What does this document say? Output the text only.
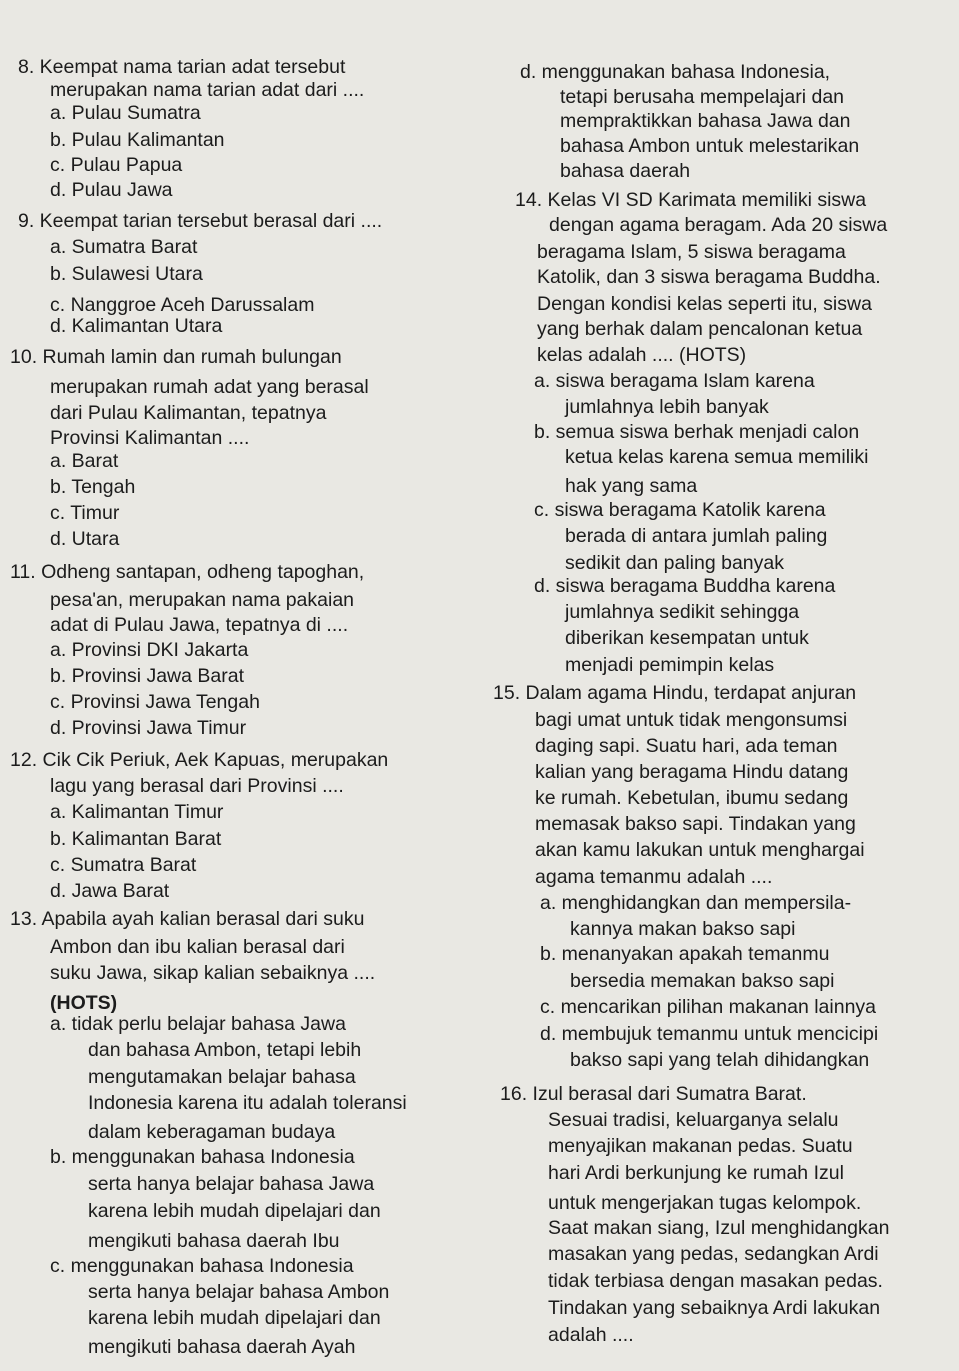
8. Keempat nama tarian adat tersebut
merupakan nama tarian adat dari ....
a. Pulau Sumatra
b. Pulau Kalimantan
c. Pulau Papua
d. Pulau Jawa
9. Keempat tarian tersebut berasal dari ....
a. Sumatra Barat
b. Sulawesi Utara
c. Nanggroe Aceh Darussalam
d. Kalimantan Utara
10. Rumah lamin dan rumah bulungan
merupakan rumah adat yang berasal
dari Pulau Kalimantan, tepatnya
Provinsi Kalimantan ....
a. Barat
b. Tengah
c. Timur
d. Utara
11. Odheng santapan, odheng tapoghan,
pesa'an, merupakan nama pakaian
adat di Pulau Jawa, tepatnya di ....
a. Provinsi DKI Jakarta
b. Provinsi Jawa Barat
c. Provinsi Jawa Tengah
d. Provinsi Jawa Timur
12. Cik Cik Periuk, Aek Kapuas, merupakan
lagu yang berasal dari Provinsi ....
a. Kalimantan Timur
b. Kalimantan Barat
c. Sumatra Barat
d. Jawa Barat
13. Apabila ayah kalian berasal dari suku
Ambon dan ibu kalian berasal dari
suku Jawa, sikap kalian sebaiknya ....
(HOTS)
a. tidak perlu belajar bahasa Jawa
dan bahasa Ambon, tetapi lebih
mengutamakan belajar bahasa
Indonesia karena itu adalah toleransi
dalam keberagaman budaya
b. menggunakan bahasa Indonesia
serta hanya belajar bahasa Jawa
karena lebih mudah dipelajari dan
mengikuti bahasa daerah Ibu
c. menggunakan bahasa Indonesia
serta hanya belajar bahasa Ambon
karena lebih mudah dipelajari dan
mengikuti bahasa daerah Ayah
d. menggunakan bahasa Indonesia,
tetapi berusaha mempelajari dan
mempraktikkan bahasa Jawa dan
bahasa Ambon untuk melestarikan
bahasa daerah
14. Kelas VI SD Karimata memiliki siswa
dengan agama beragam. Ada 20 siswa
beragama Islam, 5 siswa beragama
Katolik, dan 3 siswa beragama Buddha.
Dengan kondisi kelas seperti itu, siswa
yang berhak dalam pencalonan ketua
kelas adalah .... (HOTS)
a. siswa beragama Islam karena
jumlahnya lebih banyak
b. semua siswa berhak menjadi calon
ketua kelas karena semua memiliki
hak yang sama
c. siswa beragama Katolik karena
berada di antara jumlah paling
sedikit dan paling banyak
d. siswa beragama Buddha karena
jumlahnya sedikit sehingga
diberikan kesempatan untuk
menjadi pemimpin kelas
15. Dalam agama Hindu, terdapat anjuran
bagi umat untuk tidak mengonsumsi
daging sapi. Suatu hari, ada teman
kalian yang beragama Hindu datang
ke rumah. Kebetulan, ibumu sedang
memasak bakso sapi. Tindakan yang
akan kamu lakukan untuk menghargai
agama temanmu adalah ....
a. menghidangkan dan mempersila-
kannya makan bakso sapi
b. menanyakan apakah temanmu
bersedia memakan bakso sapi
c. mencarikan pilihan makanan lainnya
d. membujuk temanmu untuk mencicipi
bakso sapi yang telah dihidangkan
16. Izul berasal dari Sumatra Barat.
Sesuai tradisi, keluarganya selalu
menyajikan makanan pedas. Suatu
hari Ardi berkunjung ke rumah Izul
untuk mengerjakan tugas kelompok.
Saat makan siang, Izul menghidangkan
masakan yang pedas, sedangkan Ardi
tidak terbiasa dengan masakan pedas.
Tindakan yang sebaiknya Ardi lakukan
adalah ....
